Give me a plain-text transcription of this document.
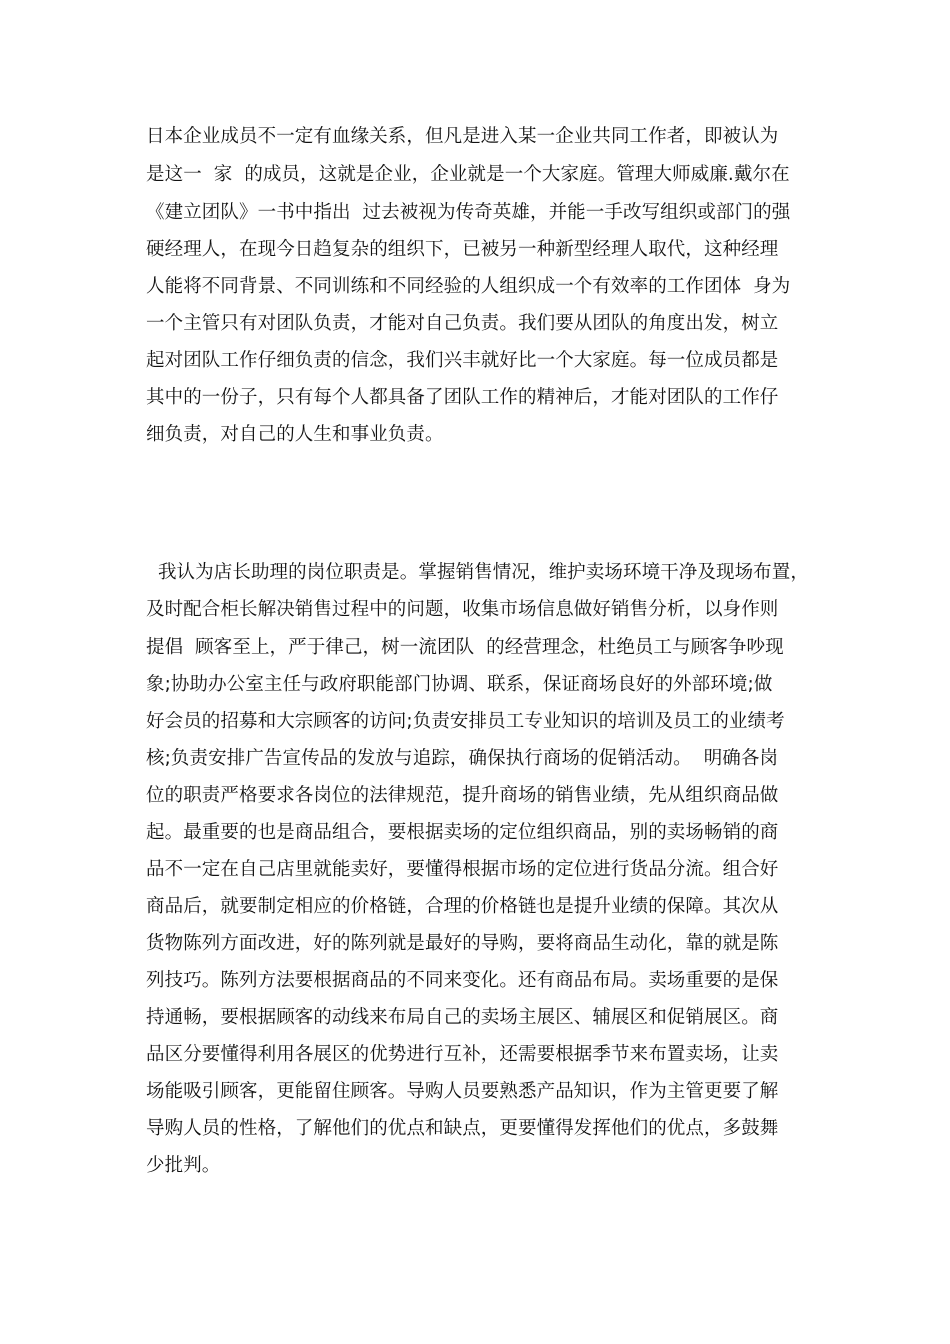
日本企业成员不一定有血缘关系，但凡是进入某一企业共同工作者，即被认为
是这一  家  的成员，这就是企业，企业就是一个大家庭。管理大师威廉.戴尔在
《建立团队》一书中指出  过去被视为传奇英雄，并能一手改写组织或部门的强
硬经理人，在现今日趋复杂的组织下，已被另一种新型经理人取代，这种经理
人能将不同背景、不同训练和不同经验的人组织成一个有效率的工作团体  身为
一个主管只有对团队负责，才能对自己负责。我们要从团队的角度出发，树立
起对团队工作仔细负责的信念，我们兴丰就好比一个大家庭。每一位成员都是
其中的一份子，只有每个人都具备了团队工作的精神后，才能对团队的工作仔
细负责，对自己的人生和事业负责。
我认为店长助理的岗位职责是。掌握销售情况，维护卖场环境干净及现场布置，
及时配合柜长解决销售过程中的问题，收集市场信息做好销售分析，以身作则
提倡  顾客至上，严于律己，树一流团队  的经营理念，杜绝员工与顾客争吵现
象;协助办公室主任与政府职能部门协调、联系，保证商场良好的外部环境;做
好会员的招募和大宗顾客的访问;负责安排员工专业知识的培训及员工的业绩考
核;负责安排广告宣传品的发放与追踪，确保执行商场的促销活动。  明确各岗
位的职责严格要求各岗位的法律规范，提升商场的销售业绩，先从组织商品做
起。最重要的也是商品组合，要根据卖场的定位组织商品，别的卖场畅销的商
品不一定在自己店里就能卖好，要懂得根据市场的定位进行货品分流。组合好
商品后，就要制定相应的价格链，合理的价格链也是提升业绩的保障。其次从
货物陈列方面改进，好的陈列就是最好的导购，要将商品生动化，靠的就是陈
列技巧。陈列方法要根据商品的不同来变化。还有商品布局。卖场重要的是保
持通畅，要根据顾客的动线来布局自己的卖场主展区、辅展区和促销展区。商
品区分要懂得利用各展区的优势进行互补，还需要根据季节来布置卖场，让卖
场能吸引顾客，更能留住顾客。导购人员要熟悉产品知识，作为主管更要了解
导购人员的性格，了解他们的优点和缺点，更要懂得发挥他们的优点，多鼓舞
少批判。
